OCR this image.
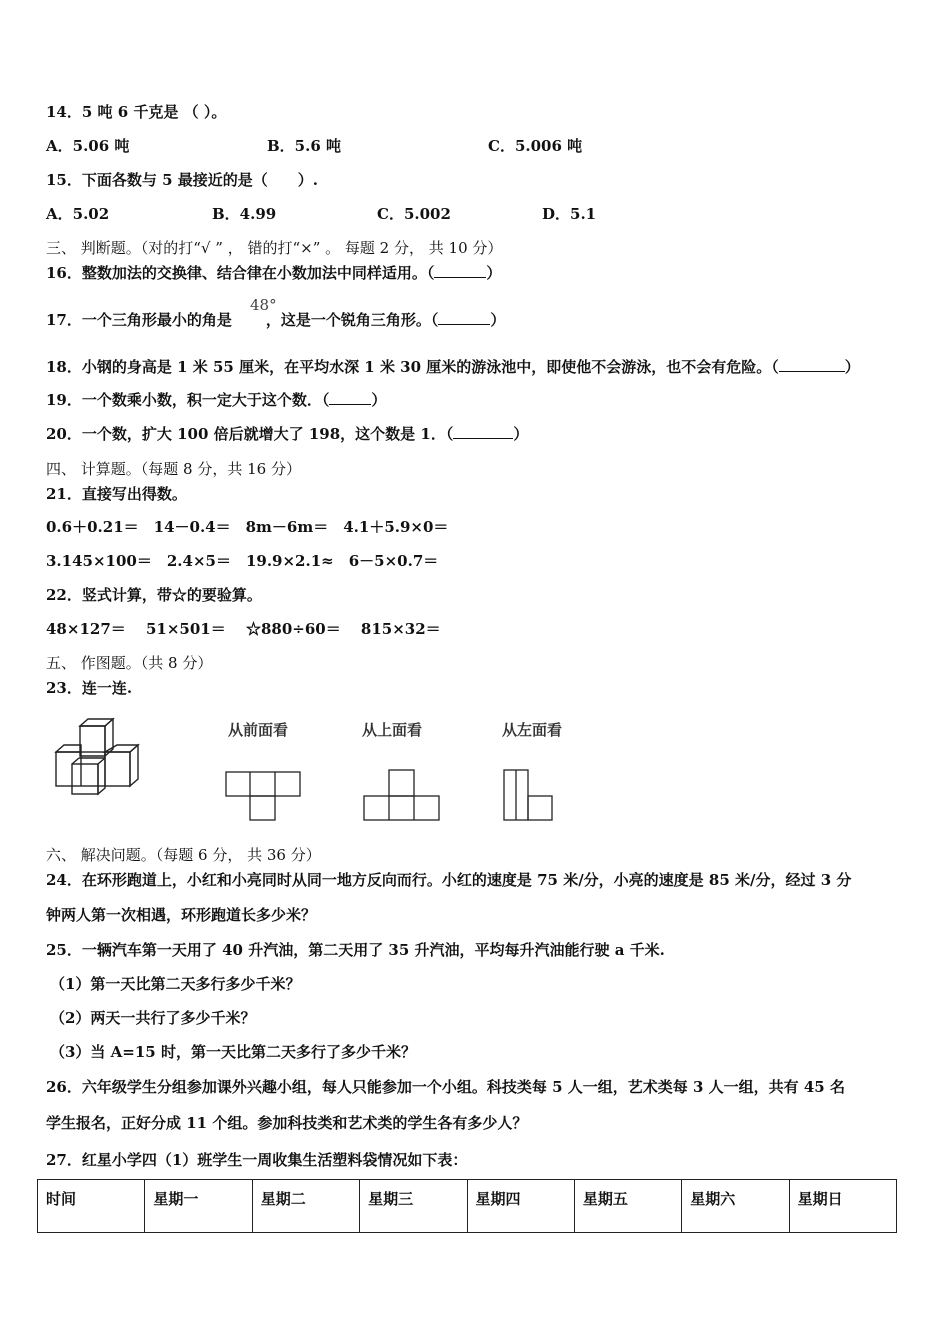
14．5 吨 6 千克是 （ ）。
A．5.06 吨	B．5.6 吨	C．5.006 吨
15．下面各数与 5 最接近的是（　　）.
A．5.02	B．4.99	C．5.002	D．5.1
三、 判断题。（对的打“√ ” ， 错的打“×” 。 每题 2 分， 共 10 分）
16．整数加法的交换律、结合律在小数加法中同样适用。（	）
17．一个三角形最小的角是 ，这是一个锐角三角形。（	）
48°
18．小钢的身高是 1 米 55 厘米，在平均水深 1 米 30 厘米的游泳池中，即使他不会游泳，也不会有危险。（	）
19．一个数乘小数，积一定大于这个数．（	）
20．一个数，扩大 100 倍后就增大了 198，这个数是 1．（	）
四、 计算题。（每题 8 分，共 16 分）
21．直接写出得数。
0.6＋0.21＝　14－0.4＝　8m－6m＝　4.1＋5.9×0＝
3.145×100＝　2.4×5＝　19.9×2.1≈　6－5×0.7＝
22．竖式计算，带☆的要验算。
48×127＝　 51×501＝　 ☆880÷60＝　 815×32＝
五、 作图题。（共 8 分）
23．连一连.
从前面看	从上面看	从左面看
六、 解决问题。（每题 6 分， 共 36 分）
24．在环形跑道上，小红和小亮同时从同一地方反向而行。小红的速度是 75 米/分，小亮的速度是 85 米/分，经过 3 分
钟两人第一次相遇，环形跑道长多少米？
25．一辆汽车第一天用了 40 升汽油，第二天用了 35 升汽油，平均每升汽油能行驶 a 千米.
（1）第一天比第二天多行多少千米？
（2）两天一共行了多少千米？
（3）当 A=15 时，第一天比第二天多行了多少千米？
26．六年级学生分组参加课外兴趣小组，每人只能参加一个小组。科技类每 5 人一组，艺术类每 3 人一组，共有 45 名
学生报名，正好分成 11 个组。参加科技类和艺术类的学生各有多少人？
27．红星小学四（1）班学生一周收集生活塑料袋情况如下表：
时间	星期一	星期二	星期三	星期四	星期五	星期六	星期日
